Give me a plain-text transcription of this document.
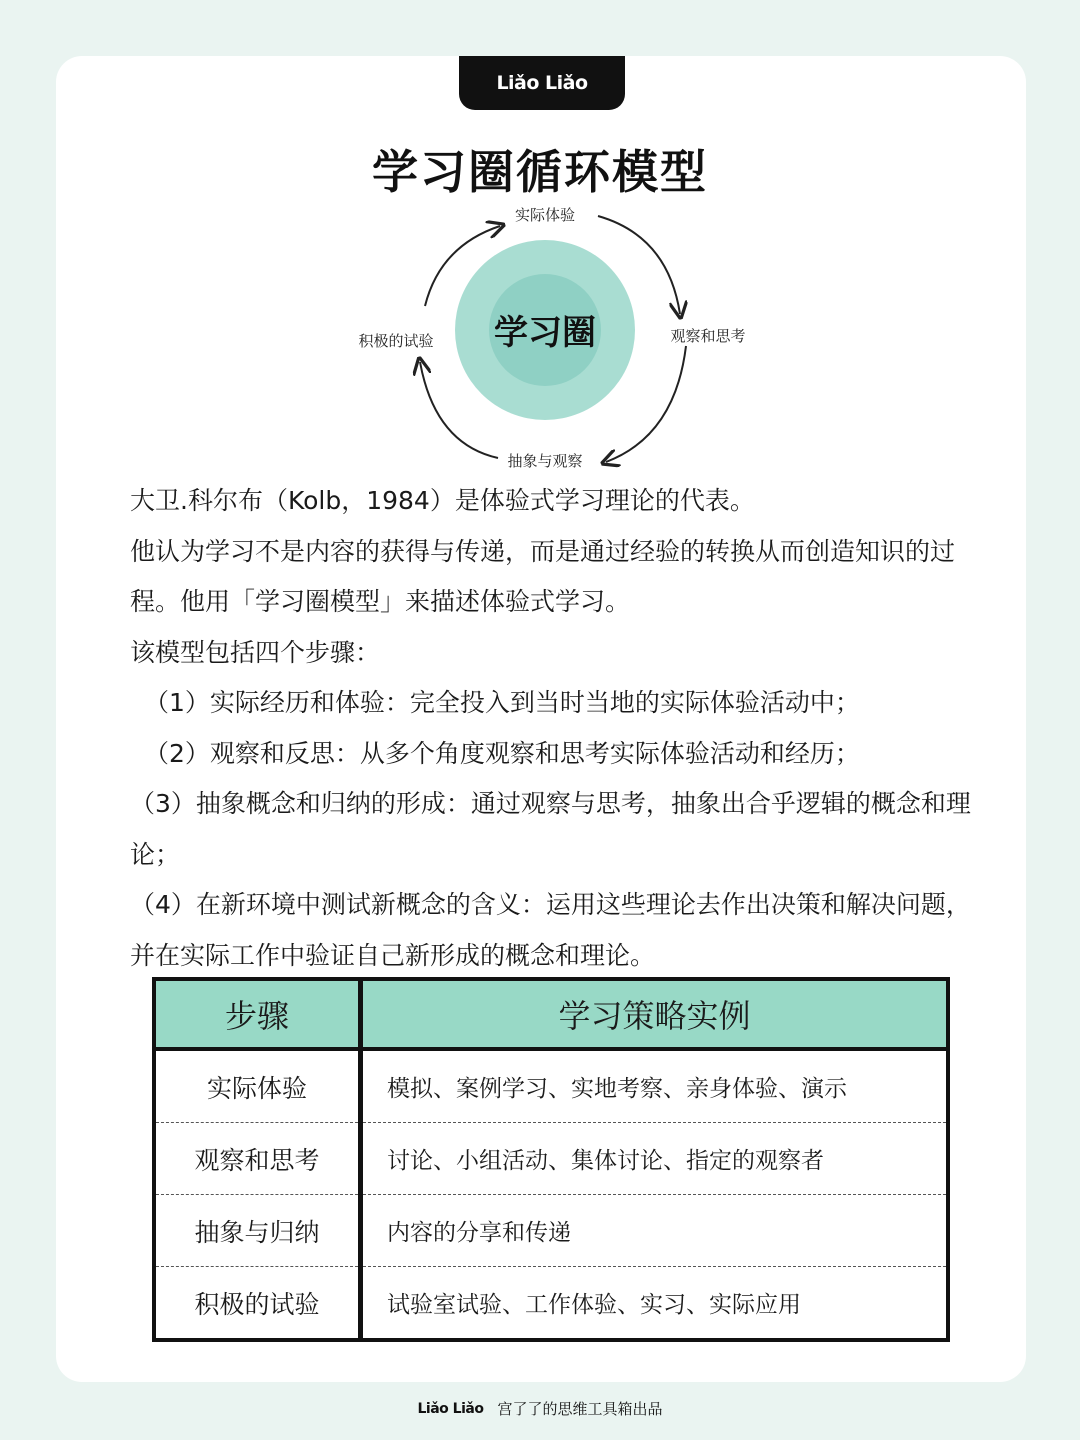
Liǎo Liǎo
学习圈循环模型
实际体验
观察和思考
抽象与观察
积极的试验 学习圈

大卫.科尔布（Kolb，1984）是体验式学习理论的代表。

他认为学习不是内容的获得与传递，而是通过经验的转换从而创造知识的过程。他用「学习圈模型」来描述体验式学习。

该模型包括四个步骤：

（1）实际经历和体验：完全投入到当时当地的实际体验活动中；

（2）观察和反思：从多个角度观察和思考实际体验活动和经历；

（3）抽象概念和归纳的形成：通过观察与思考，抽象出合乎逻辑的概念和理论；

（4）在新环境中测试新概念的含义：运用这些理论去作出决策和解决问题，并在实际工作中验证自己新形成的概念和理论。

步骤	学习策略实例
实际体验	模拟、案例学习、实地考察、亲身体验、演示
观察和思考	讨论、小组活动、集体讨论、指定的观察者
抽象与归纳	内容的分享和传递
积极的试验	试验室试验、工作体验、实习、实际应用
Liǎo Liǎo 宫了了的思维工具箱出品
